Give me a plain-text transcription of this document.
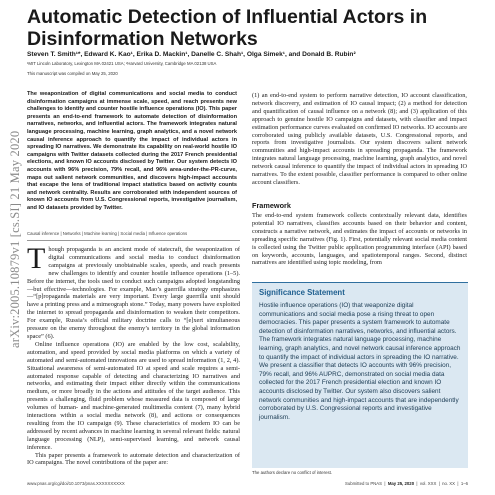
arXiv:2005.10879v1 [cs.SI] 21 May 2020
Automatic Detection of Influential Actors in Disinformation Networks
Steven T. Smith¹*, Edward K. Kao¹, Erika D. Mackin¹, Danelle C. Shah¹, Olga Simek¹, and Donald B. Rubin²
¹MIT Lincoln Laboratory, Lexington MA 02421 USA; ²Harvard University, Cambridge MA 02138 USA
This manuscript was compiled on May 25, 2020
The weaponization of digital communications and social media to conduct disinformation campaigns at immense scale, speed, and reach presents new challenges to identify and counter hostile influence operations (IO). This paper presents an end-to-end framework to automate detection of disinformation narratives, networks, and influential actors. The framework integrates natural language processing, machine learning, graph analytics, and a novel network causal inference approach to quantify the impact of individual actors in spreading IO narratives. We demonstrate its capability on real-world hostile IO campaigns with Twitter datasets collected during the 2017 French presidential elections, and known IO accounts disclosed by Twitter. Our system detects IO accounts with 96% precision, 79% recall, and 96% area-under-the-PR-curve, maps out salient network communities, and discovers high-impact accounts that escape the lens of traditional impact statistics based on activity counts and network centrality. Results are corroborated with independent sources of known IO accounts from U.S. Congressional reports, investigative journalism, and IO datasets provided by Twitter.
Causal inference | Networks | Machine learning | Social media | Influence operations
T hough propaganda is an ancient mode of statecraft, the weaponization of digital communications and social media to conduct disinformation campaigns at previously unobtainable scales, speeds, and reach presents new challenges to identify and counter hostile influence operations (1–5). Before the internet, the tools used to conduct such campaigns adopted longstanding—but effective—technologies. For example, Mao’s guerrilla strategy emphasizes—“[p]ropaganda materials are very important. Every large guerrilla unit should have a printing press and a mimeograph stone.” Today, many powers have exploited the internet to spread propaganda and disinformation to weaken their competitors. For example, Russia’s official military doctrine calls to “[e]xert simultaneous pressure on the enemy throughout the enemy’s territory in the global information space” (6).

Online influence operations (IO) are enabled by the low cost, scalability, automation, and speed provided by social media platforms on which a variety of automated and semi-automated innovations are used to spread information (1, 2, 4). Situational awareness of semi-automated IO at speed and scale requires a semi-automated response capable of detecting and characterizing IO narratives and networks, and estimating their impact either directly within the communications medium, or more broadly in the actions and attitudes of the target audience. This presents a challenging, fluid problem whose measured data is composed of large volumes of human- and machine-generated multimedia content (7), many hybrid interactions within a social media network (8), and actions or consequences resulting from the IO campaign (9). These characteristics of modern IO can be addressed by recent advances in machine learning in several relevant fields: natural language processing (NLP), semi-supervised learning, and network causal inference.

This paper presents a framework to automate detection and characterization of IO campaigns. The novel contributions of the paper are:

(1) an end-to-end system to perform narrative detection, IO account classification, network discovery, and estimation of IO causal impact; (2) a method for detection and quantification of causal influence on a network (8); and (3) application of this approach to genuine hostile IO campaigns and datasets, with classifier and impact estimation performance curves evaluated on confirmed IO networks. IO accounts are corroborated using publicly available datasets, U.S. Congressional reports, and reports from investigative journalists. Our system discovers salient network communities and high-impact accounts in spreading propaganda. The framework integrates natural language processing, machine learning, graph analytics, and novel network causal inference to quantify the impact of individual actors in spreading IO narratives. To the extent possible, classifier performance is compared to other online account classifiers.

Framework
The end-to-end system framework collects contextually relevant data, identifies potential IO narratives, classifies accounts based on their behavior and content, constructs a narrative network, and estimates the impact of accounts or networks in spreading specific narratives (Fig. 1). First, potentially relevant social media content is collected using the Twitter public application programming interface (API) based on keywords, accounts, languages, and spatiotemporal ranges. Second, distinct narratives are identified using topic modeling, from
Significance Statement
Hostile influence operations (IO) that weaponize digital communications and social media pose a rising threat to open democracies. This paper presents a system framework to automate detection of disinformation narratives, networks, and influential actors. The framework integrates natural language processing, machine learning, graph analytics, and novel network causal inference approach to quantify the impact of individual actors in spreading the IO narrative. We present a classifier that detects IO accounts with 96% precision, 79% recall, and 96% AUPRC, demonstrated on social media data collected for the 2017 French presidential election and known IO accounts disclosed by Twitter. Our system also discovers salient network communities and high-impact accounts that are independently corroborated by U.S. Congressional reports and investigative journalism.
The authors declare no conflict of interest.
www.pnas.org/cgi/doi/10.1073/pnas.XXXXXXXXXX	Submitted to PNAS | May 25, 2020 | vol. XXX | no. XX | 1–6
